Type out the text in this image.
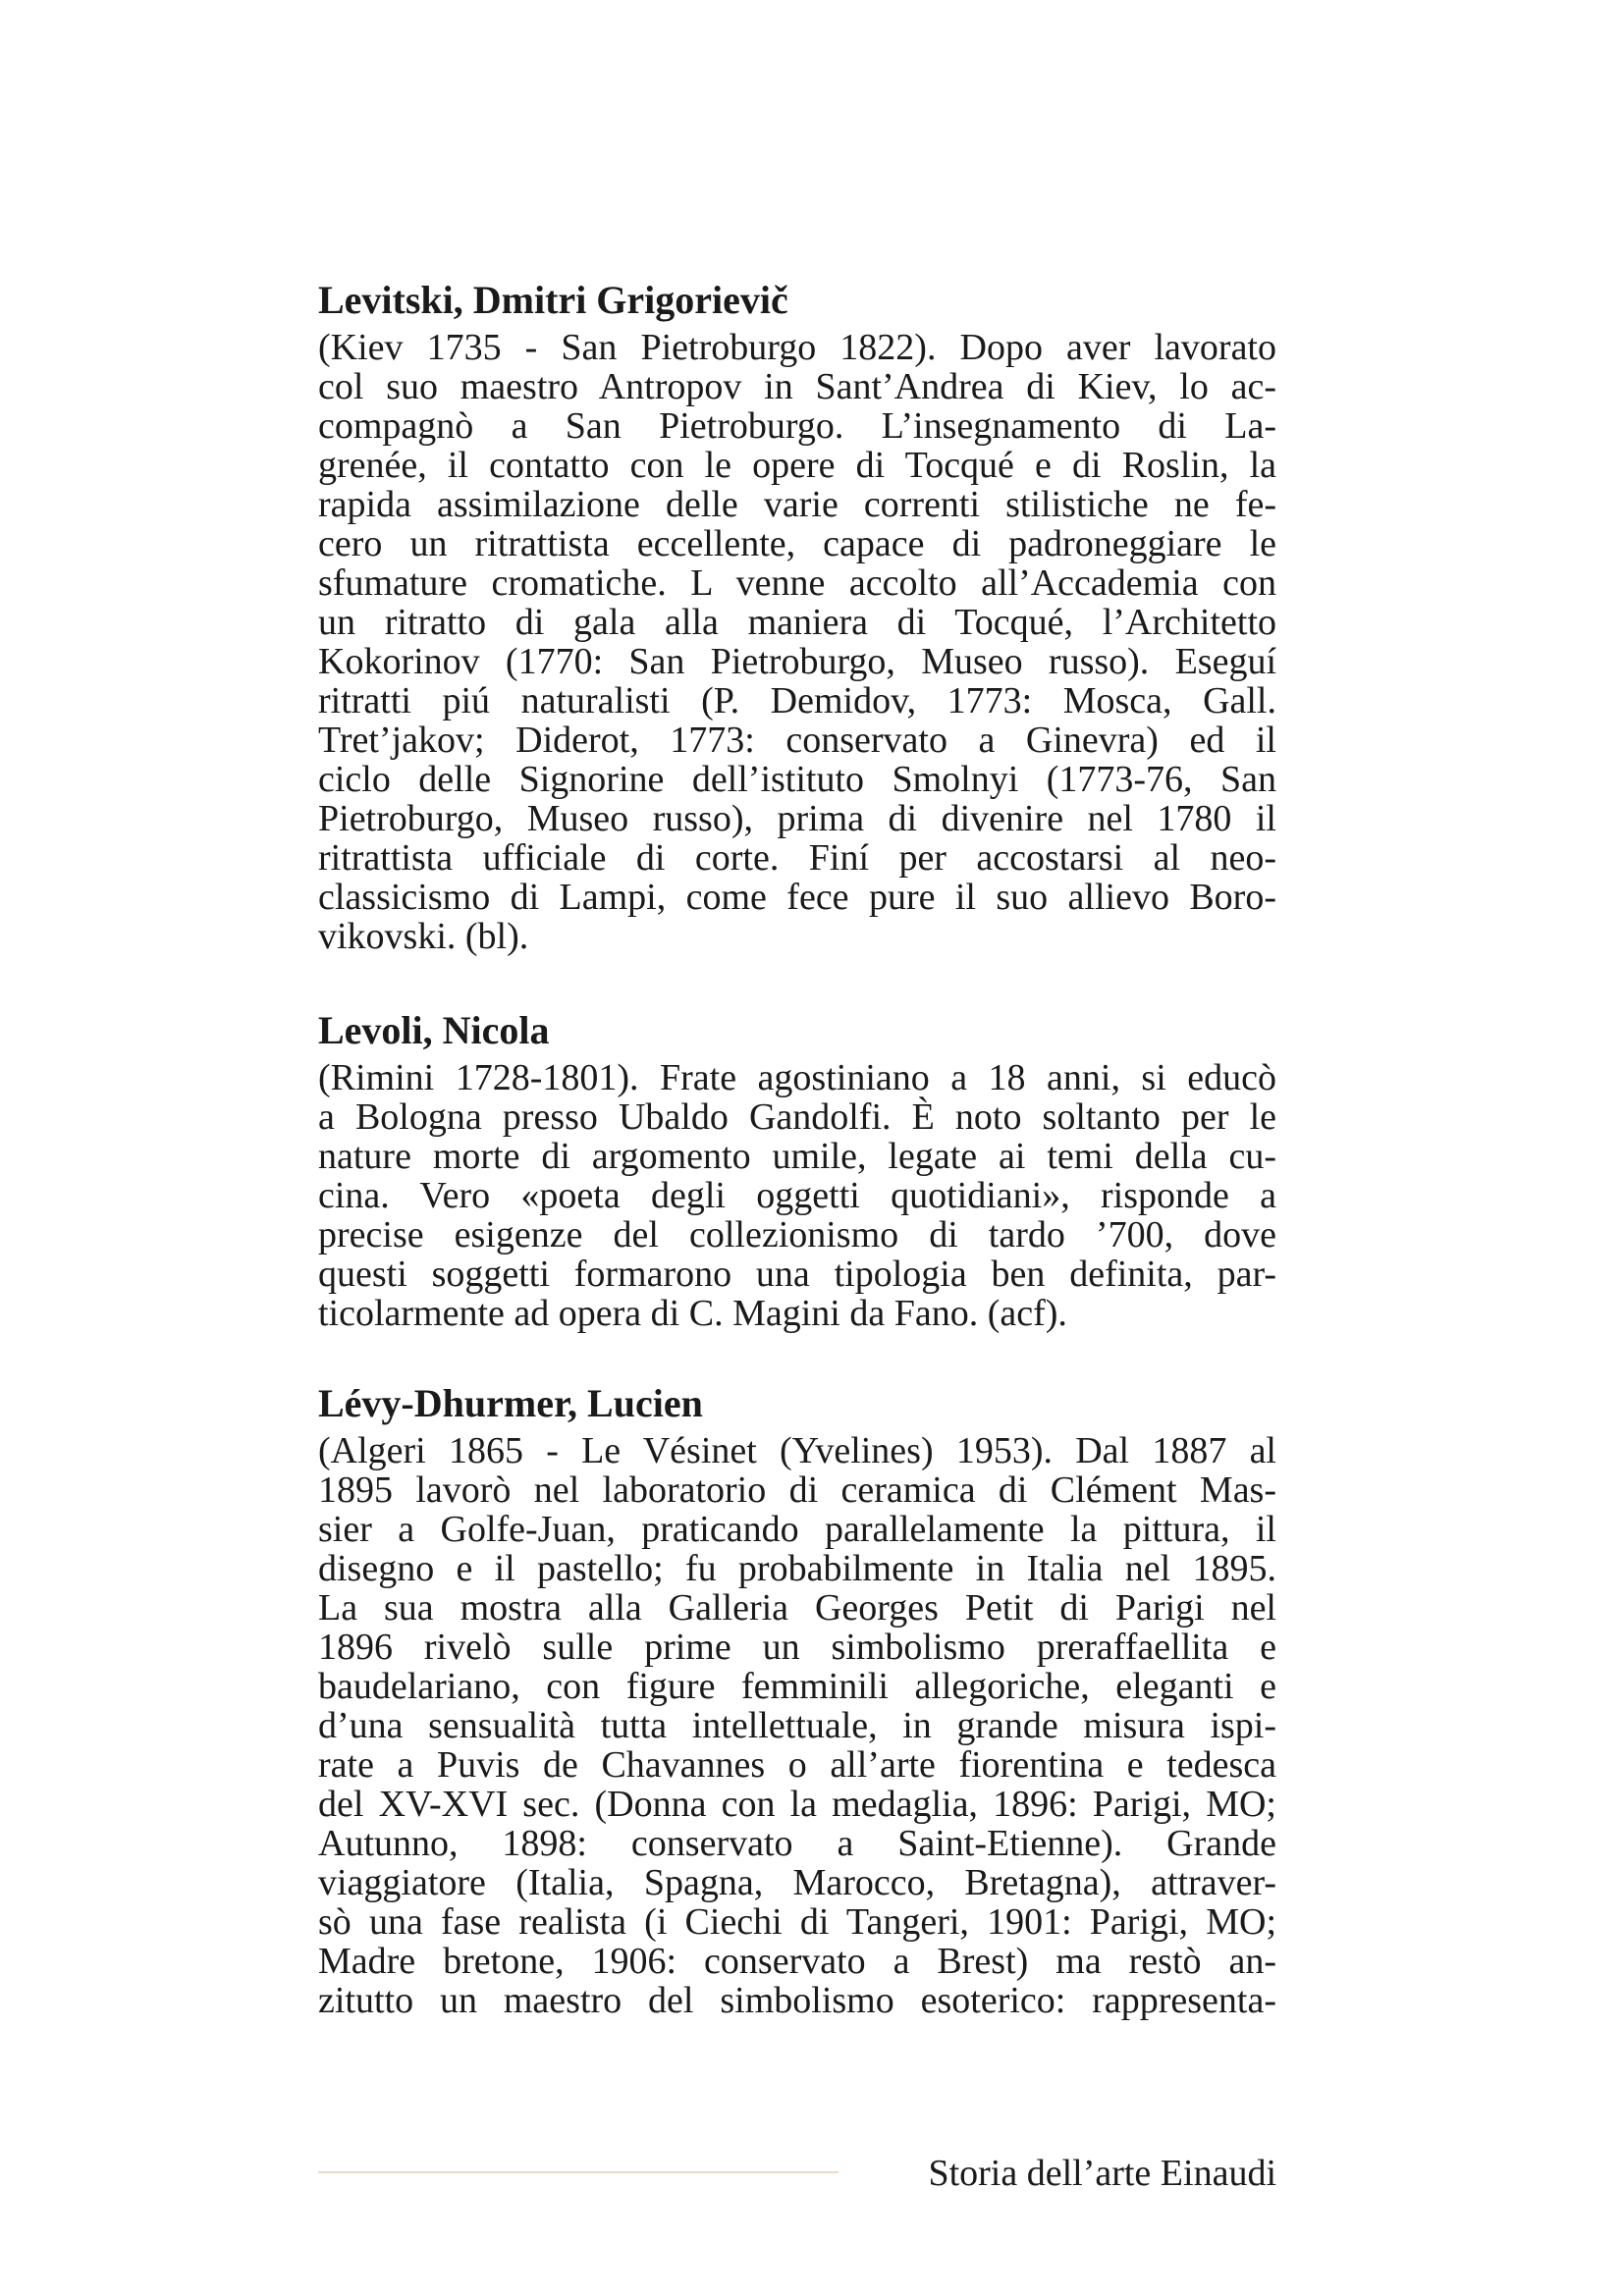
Levitski, Dmitri Grigorievič
(Kiev 1735 - San Pietroburgo 1822). Dopo aver lavorato
col suo maestro Antropov in Sant’Andrea di Kiev, lo ac-
compagnò a San Pietroburgo. L’insegnamento di La-
grenée, il contatto con le opere di Tocqué e di Roslin, la
rapida assimilazione delle varie correnti stilistiche ne fe-
cero un ritrattista eccellente, capace di padroneggiare le
sfumature cromatiche. L venne accolto all’Accademia con
un ritratto di gala alla maniera di Tocqué, l’Architetto
Kokorinov (1770: San Pietroburgo, Museo russo). Eseguí
ritratti piú naturalisti (P. Demidov, 1773: Mosca, Gall.
Tret’jakov; Diderot, 1773: conservato a Ginevra) ed il
ciclo delle Signorine dell’istituto Smolnyi (1773-76, San
Pietroburgo, Museo russo), prima di divenire nel 1780 il
ritrattista ufficiale di corte. Finí per accostarsi al neo-
classicismo di Lampi, come fece pure il suo allievo Boro-
vikovski. (bl).
Levoli, Nicola
(Rimini 1728-1801). Frate agostiniano a 18 anni, si educò
a Bologna presso Ubaldo Gandolfi. È noto soltanto per le
nature morte di argomento umile, legate ai temi della cu-
cina. Vero «poeta degli oggetti quotidiani», risponde a
precise esigenze del collezionismo di tardo ’700, dove
questi soggetti formarono una tipologia ben definita, par-
ticolarmente ad opera di C. Magini da Fano. (acf).
Lévy-Dhurmer, Lucien
(Algeri 1865 - Le Vésinet (Yvelines) 1953). Dal 1887 al
1895 lavorò nel laboratorio di ceramica di Clément Mas-
sier a Golfe-Juan, praticando parallelamente la pittura, il
disegno e il pastello; fu probabilmente in Italia nel 1895.
La sua mostra alla Galleria Georges Petit di Parigi nel
1896 rivelò sulle prime un simbolismo preraffaellita e
baudelariano, con figure femminili allegoriche, eleganti e
d’una sensualità tutta intellettuale, in grande misura ispi-
rate a Puvis de Chavannes o all’arte fiorentina e tedesca
del XV-XVI sec. (Donna con la medaglia, 1896: Parigi, MO;
Autunno, 1898: conservato a Saint-Etienne). Grande
viaggiatore (Italia, Spagna, Marocco, Bretagna), attraver-
sò una fase realista (i Ciechi di Tangeri, 1901: Parigi, MO;
Madre bretone, 1906: conservato a Brest) ma restò an-
zitutto un maestro del simbolismo esoterico: rappresenta-
Storia dell’arte Einaudi
